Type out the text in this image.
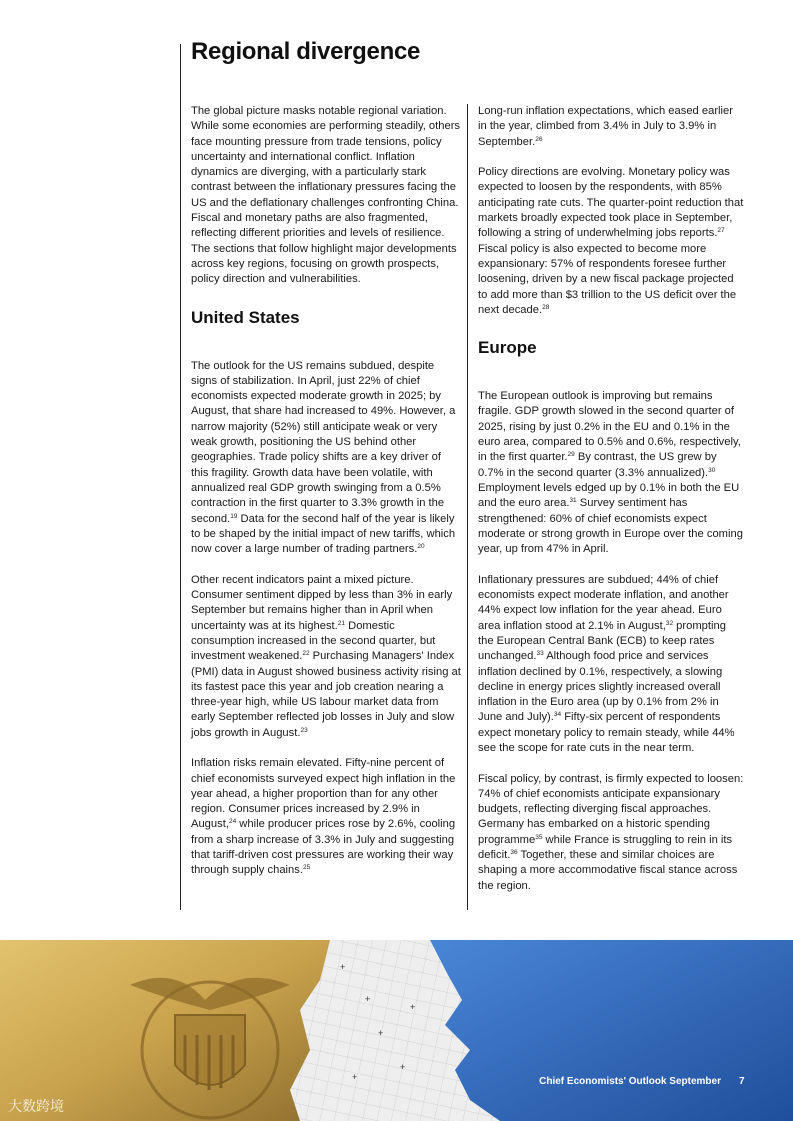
Regional divergence

The global picture masks notable regional variation. While some economies are performing steadily, others face mounting pressure from trade tensions, policy uncertainty and international conflict. Inflation dynamics are diverging, with a particularly stark contrast between the inflationary pressures facing the US and the deflationary challenges confronting China. Fiscal and monetary paths are also fragmented, reflecting different priorities and levels of resilience. The sections that follow highlight major developments across key regions, focusing on growth prospects, policy direction and vulnerabilities.

United States

The outlook for the US remains subdued, despite signs of stabilization. In April, just 22% of chief economists expected moderate growth in 2025; by August, that share had increased to 49%. However, a narrow majority (52%) still anticipate weak or very weak growth, positioning the US behind other geographies. Trade policy shifts are a key driver of this fragility. Growth data have been volatile, with annualized real GDP growth swinging from a 0.5% contraction in the first quarter to 3.3% growth in the second.$^{19}$ Data for the second half of the year is likely to be shaped by the initial impact of new tariffs, which now cover a large number of trading partners.$^{20}$

Other recent indicators paint a mixed picture. Consumer sentiment dipped by less than 3% in early September but remains higher than in April when uncertainty was at its highest.$^{21}$ Domestic consumption increased in the second quarter, but investment weakened.$^{22}$ Purchasing Managers' Index (PMI) data in August showed business activity rising at its fastest pace this year and job creation nearing a three-year high, while US labour market data from early September reflected job losses in July and slow jobs growth in August.$^{23}$

Inflation risks remain elevated. Fifty-nine percent of chief economists surveyed expect high inflation in the year ahead, a higher proportion than for any other region. Consumer prices increased by 2.9% in August,$^{24}$ while producer prices rose by 2.6%, cooling from a sharp increase of 3.3% in July and suggesting that tariff-driven cost pressures are working their way through supply chains.$^{25}$

Long-run inflation expectations, which eased earlier in the year, climbed from 3.4% in July to 3.9% in September.$^{26}$

Policy directions are evolving. Monetary policy was expected to loosen by the respondents, with 85% anticipating rate cuts. The quarter-point reduction that markets broadly expected took place in September, following a string of underwhelming jobs reports.$^{27}$ Fiscal policy is also expected to become more expansionary: 57% of respondents foresee further loosening, driven by a new fiscal package projected to add more than $3 trillion to the US deficit over the next decade.$^{28}$

Europe

The European outlook is improving but remains fragile. GDP growth slowed in the second quarter of 2025, rising by just 0.2% in the EU and 0.1% in the euro area, compared to 0.5% and 0.6%, respectively, in the first quarter.$^{29}$ By contrast, the US grew by 0.7% in the second quarter (3.3% annualized).$^{30}$ Employment levels edged up by 0.1% in both the EU and the euro area.$^{31}$ Survey sentiment has strengthened: 60% of chief economists expect moderate or strong growth in Europe over the coming year, up from 47% in April.

Inflationary pressures are subdued; 44% of chief economists expect moderate inflation, and another 44% expect low inflation for the year ahead. Euro area inflation stood at 2.1% in August,$^{32}$ prompting the European Central Bank (ECB) to keep rates unchanged.$^{33}$ Although food price and services inflation declined by 0.1%, respectively, a slowing decline in energy prices slightly increased overall inflation in the Euro area (up by 0.1% from 2% in June and July).$^{34}$ Fifty-six percent of respondents expect monetary policy to remain steady, while 44% see the scope for rate cuts in the near term.

Fiscal policy, by contrast, is firmly expected to loosen: 74% of chief economists anticipate expansionary budgets, reflecting diverging fiscal approaches. Germany has embarked on a historic spending programme$^{35}$ while France is struggling to rein in its deficit.$^{36}$ Together, these and similar choices are shaping a more accommodative fiscal stance across the region.

+
+
+
+
+
+
Chief Economists' Outlook September 7
大数跨境
